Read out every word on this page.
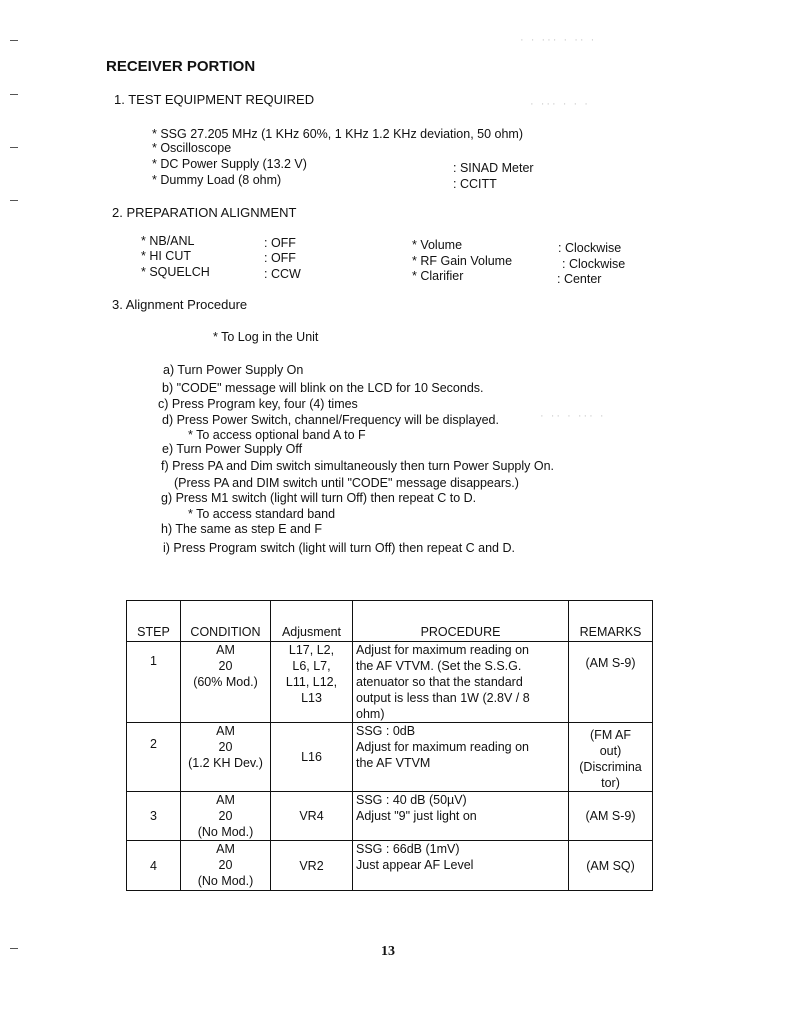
· · ··· · ·· ·
· ··· · · ·
· ·· · ··· ·
RECEIVER PORTION
1. TEST EQUIPMENT REQUIRED
* SSG 27.205 MHz (1 KHz 60%, 1 KHz 1.2 KHz deviation, 50 ohm)
* Oscilloscope
* DC Power Supply (13.2 V)
* Dummy Load (8 ohm)
: SINAD Meter
: CCITT
2. PREPARATION ALIGNMENT
* NB/ANL	: OFF
* HI CUT	: OFF
* SQUELCH	: CCW
* Volume	: Clockwise
* RF Gain Volume	: Clockwise
* Clarifier	: Center
3. Alignment Procedure
* To Log in the Unit
a) Turn Power Supply On
b) "CODE" message will blink on the LCD for 10 Seconds.
c) Press Program key, four (4) times
d) Press Power Switch, channel/Frequency will be displayed.
* To access optional band A to F
e) Turn Power Supply Off
f) Press PA and Dim switch simultaneously then turn Power Supply On.
(Press PA and DIM switch until "CODE" message disappears.)
g) Press M1 switch (light will turn Off) then repeat C to D.
* To access standard band
h) The same as step E and F
i) Press Program switch (light will turn Off) then repeat C and D.
STEP	CONDITION	Adjusment	PROCEDURE	REMARKS
1	AM
20
(60% Mod.)	L17, L2,
L6, L7,
L11, L12,
L13	Adjust for maximum reading on
the AF VTVM. (Set the S.S.G.
atenuator so that the standard
output is less than 1W (2.8V / 8
ohm)	(AM S-9)
2	AM
20
(1.2 KH Dev.)	L16	SSG : 0dB
Adjust for maximum reading on
the AF VTVM	(FM AF
out)
(Discrimina
tor)
3	AM
20
(No Mod.)	VR4	SSG : 40 dB (50µV)
Adjust "9" just light on	(AM S-9)
4	AM
20
(No Mod.)	VR2	SSG : 66dB (1mV)
Just appear AF Level	(AM SQ)
13
